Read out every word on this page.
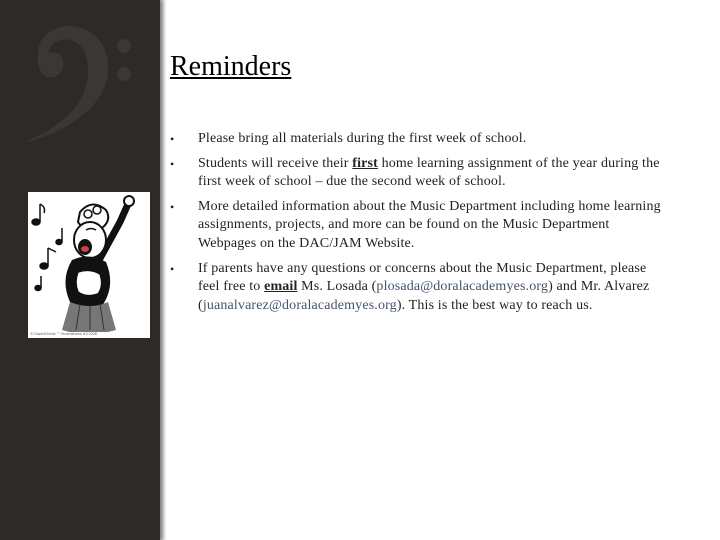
©ClipArtGuide ™ Illustrations #21006
Reminders
• Please bring all materials during the first week of school.
• Students will receive their first home learning assignment of the year during the first week of school – due the second week of school.
• More detailed information about the Music Department including home learning assignments, projects, and more can be found on the Music Department Webpages on the DAC/JAM Website.
• If parents have any questions or concerns about the Music Department, please feel free to email Ms. Losada (plosada@doralacademyes.org) and Mr. Alvarez (juanalvarez@doralacademyes.org). This is the best way to reach us.
